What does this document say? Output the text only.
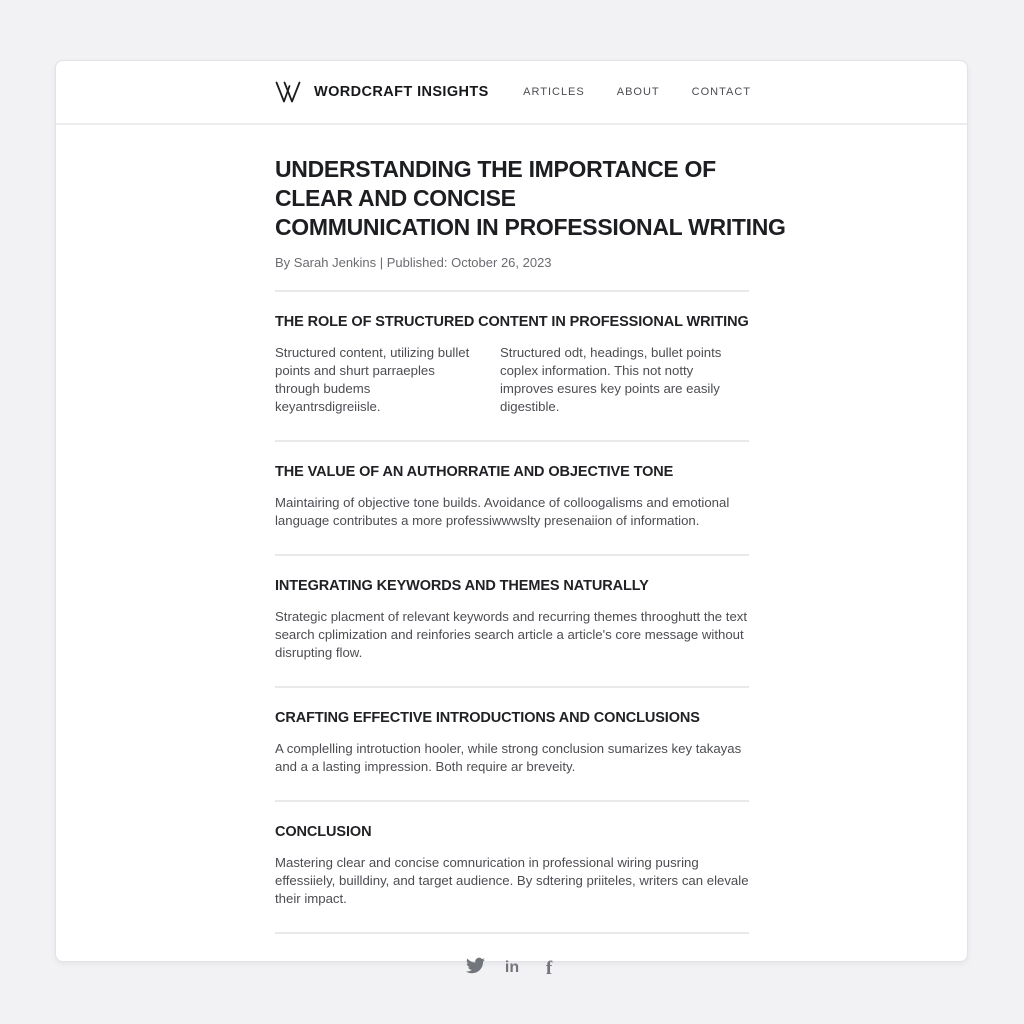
WORDCRAFT INSIGHTS	ARTICLES	ABOUT	CONTACT
UNDERSTANDING THE IMPORTANCE OF
CLEAR AND CONCISE
COMMUNICATION IN PROFESSIONAL WRITING

By Sarah Jenkins | Published: October 26, 2023

THE ROLE OF STRUCTURED CONTENT IN PROFESSIONAL WRITING

Structured content, utilizing bullet points and shurt parraeples through budems keyantrsdigreiisle.

Structured odt, headings, bullet points coplex information. This not notty improves esures key points are easily digestible.

THE VALUE OF AN AUTHORRATIE AND OBJECTIVE TONE

Maintairing of objective tone builds. Avoidance of colloogalisms and emotional language contributes a more professiwwwslty presenaiion of information.

INTEGRATING KEYWORDS AND THEMES NATURALLY

Strategic placment of relevant keywords and recurring themes throoghutt the text search cplimization and reinfories search article a article's core message without disrupting flow.

CRAFTING EFFECTIVE INTRODUCTIONS AND CONCLUSIONS

A complelling introtuction hooler, while strong conclusion sumarizes key takayas and a a lasting impression. Both require ar breveity.

CONCLUSION

Mastering clear and concise comnurication in professional wiring pusring effessiiely, builldiny, and target audience. By sdtering priiteles, writers can elevale their impact.

in f
